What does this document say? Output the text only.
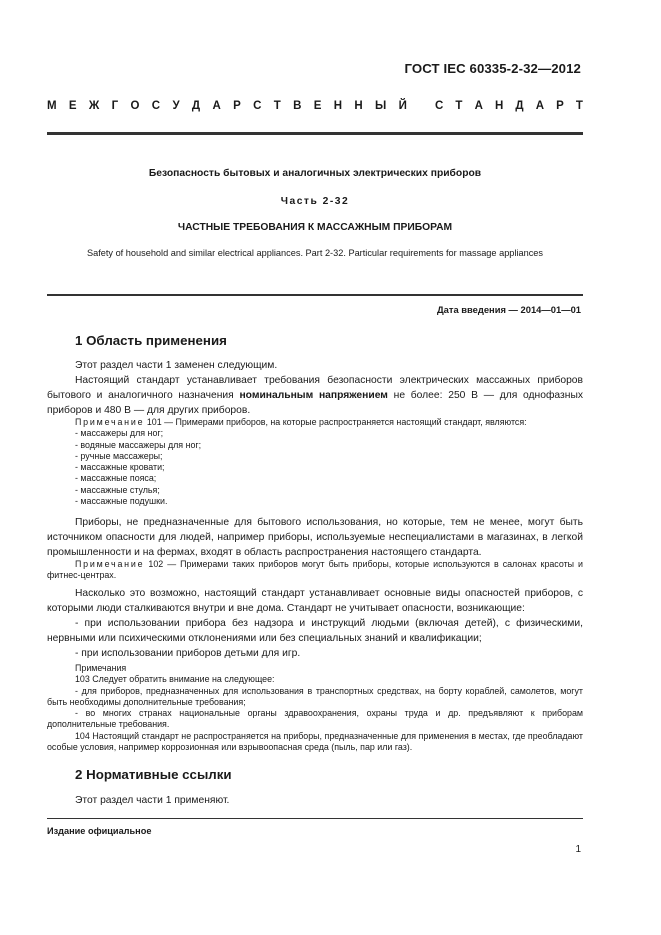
ГОСТ IEC 60335-2-32—2012
М Е Ж Г О С У Д А Р С Т В Е Н Н Ы Й С Т А Н Д А Р Т
Безопасность бытовых и аналогичных электрических приборов
Часть 2-32
ЧАСТНЫЕ ТРЕБОВАНИЯ К МАССАЖНЫМ ПРИБОРАМ
Safety of household and similar electrical appliances. Part 2-32. Particular requirements for massage appliances
Дата введения — 2014—01—01
1 Область применения

Этот раздел части 1 заменен следующим.

Настоящий стандарт устанавливает требования безопасности электрических массажных приборов бытового и аналогичного назначения номинальным напряжением не более: 250 В — для однофазных приборов и 480 В — для других приборов.

Примечание 101 — Примерами приборов, на которые распространяется настоящий стандарт, являются:
- массажеры для ног;
- водяные массажеры для ног;
- ручные массажеры;
- массажные кровати;
- массажные пояса;
- массажные стулья;
- массажные подушки.

Приборы, не предназначенные для бытового использования, но которые, тем не менее, могут быть источником опасности для людей, например приборы, используемые неспециалистами в магазинах, в легкой промышленности и на фермах, входят в область распространения настоящего стандарта.

Примечание 102 — Примерами таких приборов могут быть приборы, которые используются в салонах красоты и фитнес-центрах.

Насколько это возможно, настоящий стандарт устанавливает основные виды опасностей приборов, с которыми люди сталкиваются внутри и вне дома. Стандарт не учитывает опасности, возникающие:

- при использовании прибора без надзора и инструкций людьми (включая детей), с физическими, нервными или психическими отклонениями или без специальных знаний и квалификации;

- при использовании приборов детьми для игр.

Примечания
103 Следует обратить внимание на следующее:
- для приборов, предназначенных для использования в транспортных средствах, на борту кораблей, самолетов, могут быть необходимы дополнительные требования;
- во многих странах национальные органы здравоохранения, охраны труда и др. предъявляют к приборам дополнительные требования.
104 Настоящий стандарт не распространяется на приборы, предназначенные для применения в местах, где преобладают особые условия, например коррозионная или взрывоопасная среда (пыль, пар или газ).
2 Нормативные ссылки

Этот раздел части 1 применяют.

Издание официальное
1
